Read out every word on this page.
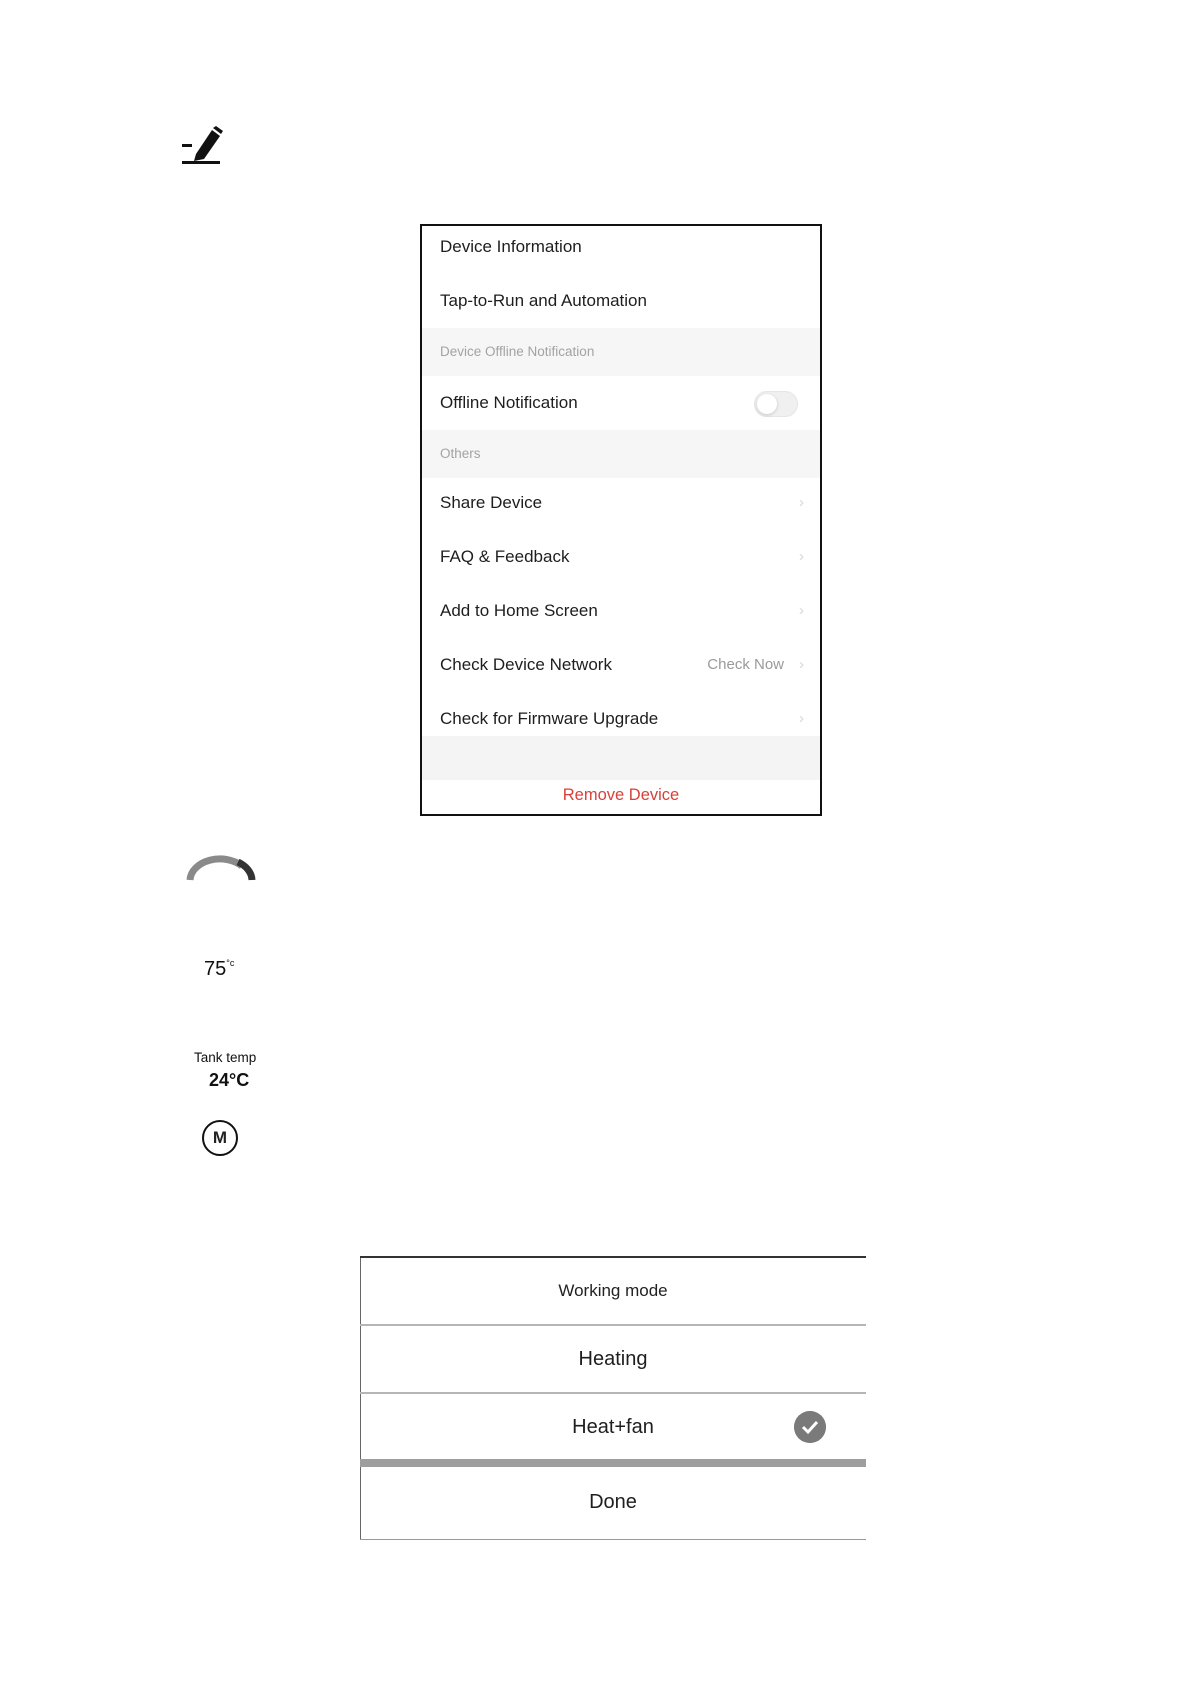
Device Information
Tap-to-Run and Automation
Device Offline Notification
Offline Notification
Others
Share Device	›
FAQ & Feedback	›
Add to Home Screen	›
Check Device Network	Check Now ›
Check for Firmware Upgrade	›
Remove Device
$75^{^\circ c}$
Tank temp
24°C
M
Working mode
Heating
Heat+fan
Done
